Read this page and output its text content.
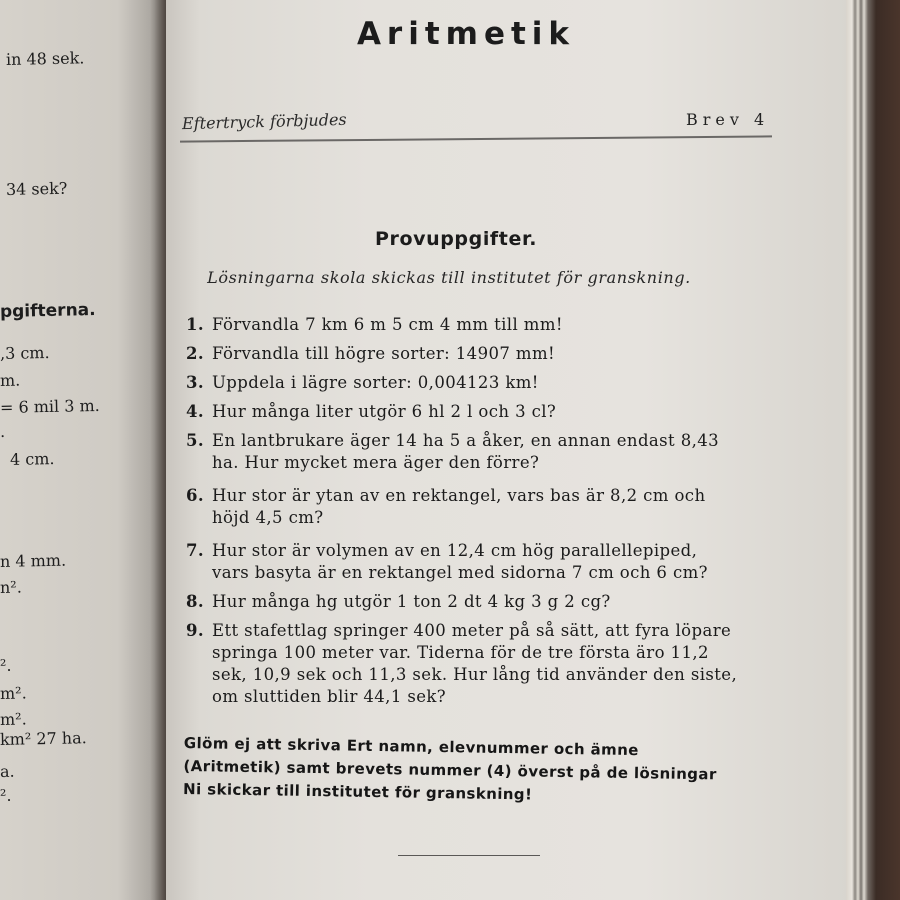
in 48 sek.
34 sek?
pgifterna.
,3 cm.
m.
= 6 mil 3 m.
.
4 cm.
n 4 mm.
n².
².
m².
m².
km² 27 ha.
a.
².
Aritmetik
Eftertryck förbjudes	Brev 4
Provuppgifter.
Lösningarna skola skickas till institutet för granskning.
1. Förvandla 7 km 6 m 5 cm 4 mm till mm!
2. Förvandla till högre sorter: 14907 mm!
3. Uppdela i lägre sorter: 0,004123 km!
4. Hur många liter utgör 6 hl 2 l och 3 cl?
5. En lantbrukare äger 14 ha 5 a åker, en annan endast 8,43
ha. Hur mycket mera äger den förre?
6. Hur stor är ytan av en rektangel, vars bas är 8,2 cm och
höjd 4,5 cm?
7. Hur stor är volymen av en 12,4 cm hög parallellepiped,
vars basyta är en rektangel med sidorna 7 cm och 6 cm?
8. Hur många hg utgör 1 ton 2 dt 4 kg 3 g 2 cg?
9. Ett stafettlag springer 400 meter på så sätt, att fyra löpare
springa 100 meter var. Tiderna för de tre första äro 11,2
sek, 10,9 sek och 11,3 sek. Hur lång tid använder den siste,
om sluttiden blir 44,1 sek?
Glöm ej att skriva Ert namn, elevnummer och ämne
(Aritmetik) samt brevets nummer (4) överst på de lösningar
Ni skickar till institutet för granskning!
